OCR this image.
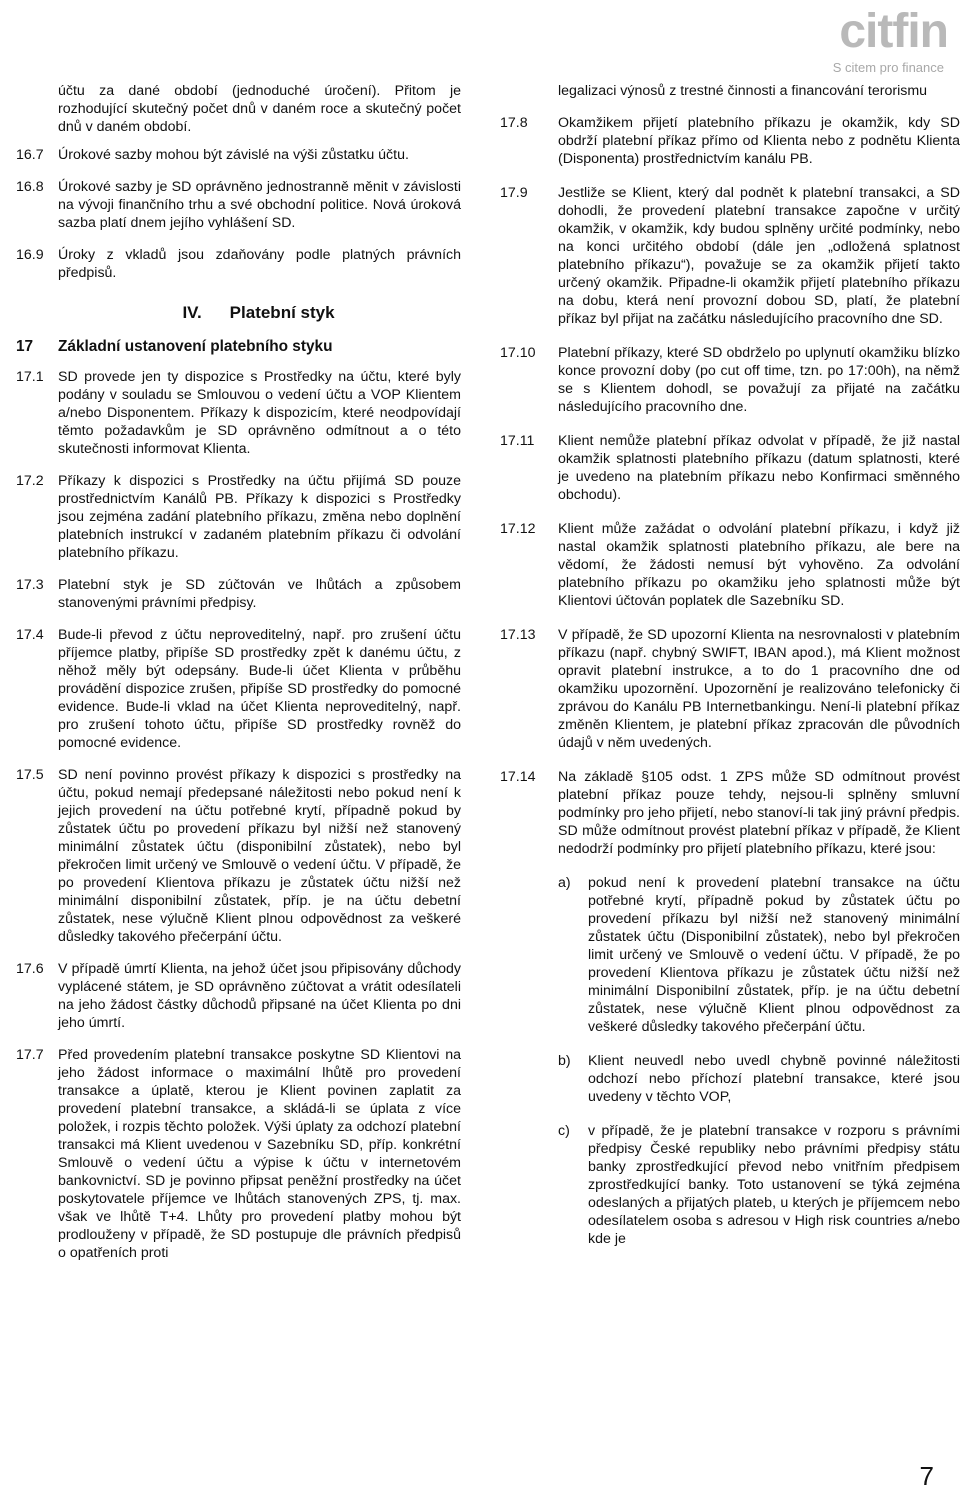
citfin
S citem pro finance
účtu za dané období (jednoduché úročení). Přitom je rozhodující skutečný počet dnů v daném roce a skutečný počet dnů v daném období.
16.7	Úrokové sazby mohou být závislé na výši zůstatku účtu.
16.8	Úrokové sazby je SD oprávněno jednostranně měnit v závislosti na vývoji finančního trhu a své obchodní politice. Nová úroková sazba platí dnem jejího vyhlášení SD.
16.9	Úroky z vkladů jsou zdaňovány podle platných právních předpisů.
IV. Platební styk
17	Základní ustanovení platebního styku
17.1	SD provede jen ty dispozice s Prostředky na účtu, které byly podány v souladu se Smlouvou o vedení účtu a VOP Klientem a/nebo Disponentem. Příkazy k dispozicím, které neodpovídají těmto požadavkům je SD oprávněno odmítnout a o této skutečnosti informovat Klienta.
17.2	Příkazy k dispozici s Prostředky na účtu přijímá SD pouze prostřednictvím Kanálů PB. Příkazy k dispozici s Prostředky jsou zejména zadání platebního příkazu, změna nebo doplnění platebních instrukcí v zadaném platebním příkazu či odvolání platebního příkazu.
17.3	Platební styk je SD zúčtován ve lhůtách a způsobem stanovenými právními předpisy.
17.4	Bude-li převod z účtu neproveditelný, např. pro zrušení účtu příjemce platby, připíše SD prostředky zpět k danému účtu, z něhož měly být odepsány. Bude-li účet Klienta v průběhu provádění dispozice zrušen, připíše SD prostředky do pomocné evidence. Bude-li vklad na účet Klienta neproveditelný, např. pro zrušení tohoto účtu, připíše SD prostředky rovněž do pomocné evidence.
17.5	SD není povinno provést příkazy k dispozici s prostředky na účtu, pokud nemají předepsané náležitosti nebo pokud není k jejich provedení na účtu potřebné krytí, případně pokud by zůstatek účtu po provedení příkazu byl nižší než stanovený minimální zůstatek účtu (disponibilní zůstatek), nebo byl překročen limit určený ve Smlouvě o vedení účtu. V případě, že po provedení Klientova příkazu je zůstatek účtu nižší než minimální disponibilní zůstatek, příp. je na účtu debetní zůstatek, nese výlučně Klient plnou odpovědnost za veškeré důsledky takového přečerpání účtu.
17.6	V případě úmrtí Klienta, na jehož účet jsou připisovány důchody vyplácené státem, je SD oprávněno zúčtovat a vrátit odesílateli na jeho žádost částky důchodů připsané na účet Klienta po dni jeho úmrtí.
17.7	Před provedením platební transakce poskytne SD Klientovi na jeho žádost informace o maximální lhůtě pro provedení transakce a úplatě, kterou je Klient povinen zaplatit za provedení platební transakce, a skládá-li se úplata z více položek, i rozpis těchto položek. Výši úplaty za odchozí platební transakci má Klient uvedenou v Sazebníku SD, příp. konkrétní Smlouvě o vedení účtu a výpise k účtu v internetovém bankovnictví. SD je povinno připsat peněžní prostředky na účet poskytovatele příjemce ve lhůtách stanovených ZPS, tj. max. však ve lhůtě T+4. Lhůty pro provedení platby mohou být prodlouženy v případě, že SD postupuje dle právních předpisů o opatřeních proti
legalizaci výnosů z trestné činnosti a financování terorismu
17.8	Okamžikem přijetí platebního příkazu je okamžik, kdy SD obdrží platební příkaz přímo od Klienta nebo z podnětu Klienta (Disponenta) prostřednictvím kanálu PB.
17.9	Jestliže se Klient, který dal podnět k platební transakci, a SD dohodli, že provedení platební transakce započne v určitý okamžik, v okamžik, kdy budou splněny určité podmínky, nebo na konci určitého období (dále jen „odložená splatnost platebního příkazu“), považuje se za okamžik přijetí takto určený okamžik. Připadne-li okamžik přijetí platebního příkazu na dobu, která není provozní dobou SD, platí, že platební příkaz byl přijat na začátku následujícího pracovního dne SD.
17.10	Platební příkazy, které SD obdrželo po uplynutí okamžiku blízko konce provozní doby (po cut off time, tzn. po 17:00h), na němž se s Klientem dohodl, se považují za přijaté na začátku následujícího pracovního dne.
17.11	Klient nemůže platební příkaz odvolat v případě, že již nastal okamžik splatnosti platebního příkazu (datum splatnosti, které je uvedeno na platebním příkazu nebo Konfirmaci směnného obchodu).
17.12	Klient může zažádat o odvolání platební příkazu, i když již nastal okamžik splatnosti platebního příkazu, ale bere na vědomí, že žádosti nemusí být vyhověno. Za odvolání platebního příkazu po okamžiku jeho splatnosti může být Klientovi účtován poplatek dle Sazebníku SD.
17.13	V případě, že SD upozorní Klienta na nesrovnalosti v platebním příkazu (např. chybný SWIFT, IBAN apod.), má Klient možnost opravit platební instrukce, a to do 1 pracovního dne od okamžiku upozornění. Upozornění je realizováno telefonicky či zprávou do Kanálu PB Internetbankingu. Není-li platební příkaz změněn Klientem, je platební příkaz zpracován dle původních údajů v něm uvedených.
17.14	Na základě §105 odst. 1 ZPS může SD odmítnout provést platební příkaz pouze tehdy, nejsou-li splněny smluvní podmínky pro jeho přijetí, nebo stanoví-li tak jiný právní předpis. SD může odmítnout provést platební příkaz v případě, že Klient nedodrží podmínky pro přijetí platebního příkazu, které jsou:
a)	pokud není k provedení platební transakce na účtu potřebné krytí, případně pokud by zůstatek účtu po provedení příkazu byl nižší než stanovený minimální zůstatek účtu (Disponibilní zůstatek), nebo byl překročen limit určený ve Smlouvě o vedení účtu. V případě, že po provedení Klientova příkazu je zůstatek účtu nižší než minimální Disponibilní zůstatek, příp. je na účtu debetní zůstatek, nese výlučně Klient plnou odpovědnost za veškeré důsledky takového přečerpání účtu.
b)	Klient neuvedl nebo uvedl chybně povinné náležitosti odchozí nebo příchozí platební transakce, které jsou uvedeny v těchto VOP,
c)	v případě, že je platební transakce v rozporu s právními předpisy České republiky nebo právními předpisy státu banky zprostředkující převod nebo vnitřním předpisem zprostředkující banky. Toto ustanovení se týká zejména odeslaných a přijatých plateb, u kterých je příjemcem nebo odesílatelem osoba s adresou v High risk countries a/nebo kde je
7
